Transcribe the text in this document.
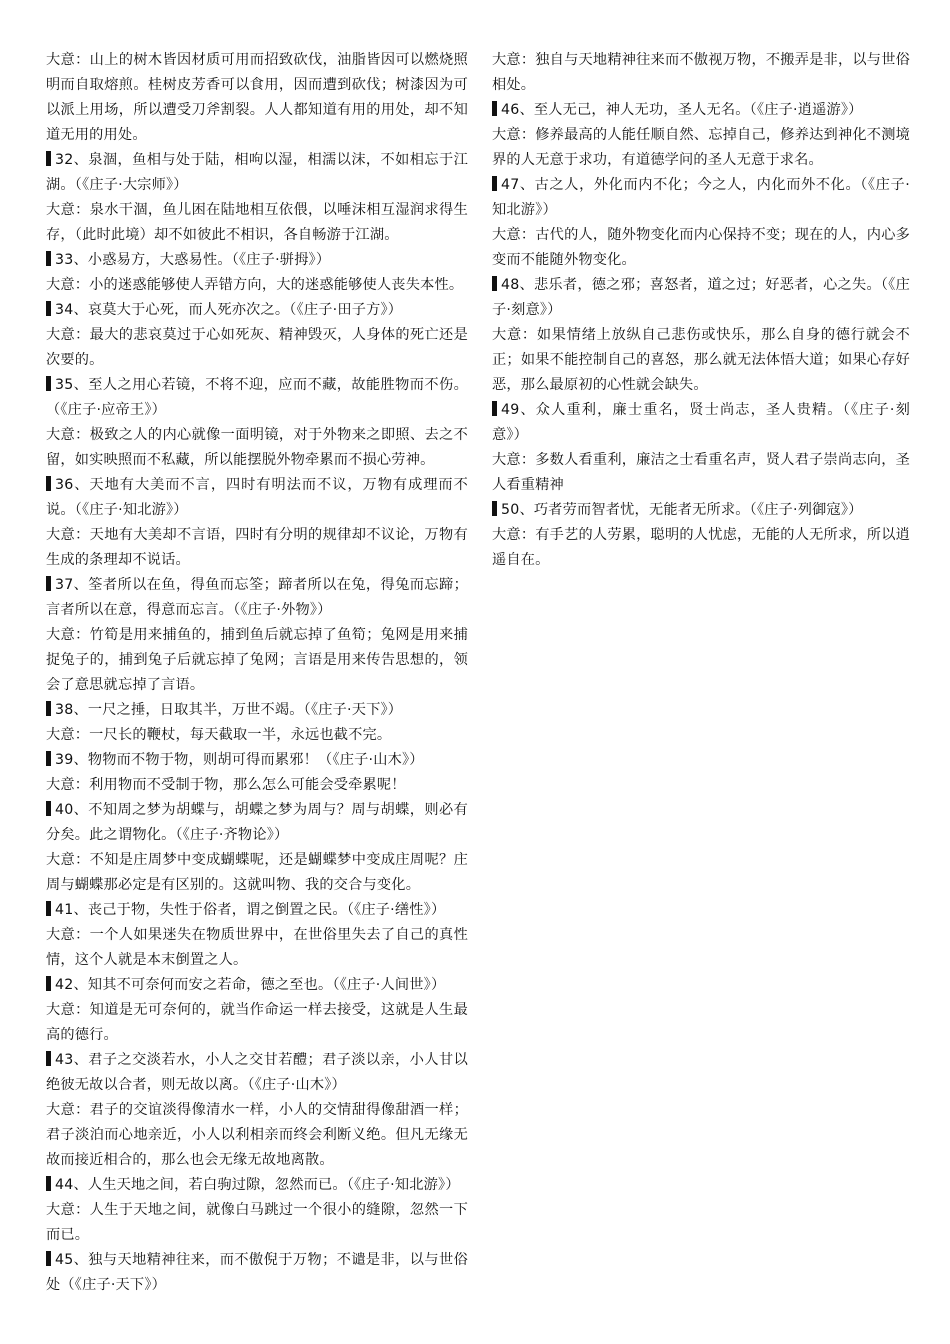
大意：山上的树木皆因材质可用而招致砍伐，油脂皆因可以燃烧照明而自取熔煎。桂树皮芳香可以食用，因而遭到砍伐；树漆因为可以派上用场，所以遭受刀斧割裂。人人都知道有用的用处，却不知道无用的用处。

32、泉涸，鱼相与处于陆，相呴以湿，相濡以沫，不如相忘于江湖。（《庄子·大宗师》）

大意：泉水干涸，鱼儿困在陆地相互依偎，以唾沫相互湿润求得生存，（此时此境）却不如彼此不相识，各自畅游于江湖。

33、小惑易方，大惑易性。（《庄子·骈拇》）

大意：小的迷惑能够使人弄错方向，大的迷惑能够使人丧失本性。

34、哀莫大于心死，而人死亦次之。（《庄子·田子方》）

大意：最大的悲哀莫过于心如死灰、精神毁灭，人身体的死亡还是次要的。

35、至人之用心若镜，不将不迎，应而不藏，故能胜物而不伤。（《庄子·应帝王》）

大意：极致之人的内心就像一面明镜，对于外物来之即照、去之不留，如实映照而不私藏，所以能摆脱外物牵累而不损心劳神。

36、天地有大美而不言，四时有明法而不议，万物有成理而不说。（《庄子·知北游》）

大意：天地有大美却不言语，四时有分明的规律却不议论，万物有生成的条理却不说话。

37、筌者所以在鱼，得鱼而忘筌；蹄者所以在兔，得兔而忘蹄；言者所以在意，得意而忘言。（《庄子·外物》）

大意：竹筍是用来捕鱼的，捕到鱼后就忘掉了鱼筍；兔网是用来捕捉兔子的，捕到兔子后就忘掉了兔网；言语是用来传告思想的，领会了意思就忘掉了言语。

38、一尺之捶，日取其半，万世不竭。（《庄子·天下》）

大意：一尺长的鞭杖，每天截取一半，永远也截不完。

39、物物而不物于物，则胡可得而累邪！（《庄子·山木》）

大意：利用物而不受制于物，那么怎么可能会受牵累呢！

40、不知周之梦为胡蝶与，胡蝶之梦为周与？周与胡蝶，则必有分矣。此之谓物化。（《庄子·齐物论》）

大意：不知是庄周梦中变成蝴蝶呢，还是蝴蝶梦中变成庄周呢？庄周与蝴蝶那必定是有区别的。这就叫物、我的交合与变化。

41、丧己于物，失性于俗者，谓之倒置之民。（《庄子·缮性》）

大意：一个人如果迷失在物质世界中，在世俗里失去了自己的真性情，这个人就是本末倒置之人。

42、知其不可奈何而安之若命，德之至也。（《庄子·人间世》）

大意：知道是无可奈何的，就当作命运一样去接受，这就是人生最高的德行。

43、君子之交淡若水，小人之交甘若醴；君子淡以亲，小人甘以绝彼无故以合者，则无故以离。（《庄子·山木》）

大意：君子的交谊淡得像清水一样，小人的交情甜得像甜酒一样；君子淡泊而心地亲近，小人以利相亲而终会利断义绝。但凡无缘无故而接近相合的，那么也会无缘无故地离散。

44、人生天地之间，若白驹过隙，忽然而已。（《庄子·知北游》）

大意：人生于天地之间，就像白马跳过一个很小的缝隙，忽然一下而已。

45、独与天地精神往来，而不傲倪于万物；不谴是非，以与世俗处（《庄子·天下》）

大意：独自与天地精神往来而不傲视万物，不搬弄是非，以与世俗相处。

46、至人无己，神人无功，圣人无名。（《庄子·逍遥游》）

大意：修养最高的人能任顺自然、忘掉自己，修养达到神化不测境界的人无意于求功，有道德学问的圣人无意于求名。

47、古之人，外化而内不化；今之人，内化而外不化。（《庄子·知北游》）

大意：古代的人，随外物变化而内心保持不变；现在的人，内心多变而不能随外物变化。

48、悲乐者，德之邪；喜怒者，道之过；好恶者，心之失。（《庄子·刻意》）

大意：如果情绪上放纵自己悲伤或快乐，那么自身的德行就会不正；如果不能控制自己的喜怒，那么就无法体悟大道；如果心存好恶，那么最原初的心性就会缺失。

49、众人重利，廉士重名，贤士尚志，圣人贵精。（《庄子·刻意》）

大意：多数人看重利，廉洁之士看重名声，贤人君子崇尚志向，圣人看重精神

50、巧者劳而智者忧，无能者无所求。（《庄子·列御寇》）

大意：有手艺的人劳累，聪明的人忧虑，无能的人无所求，所以逍遥自在。
